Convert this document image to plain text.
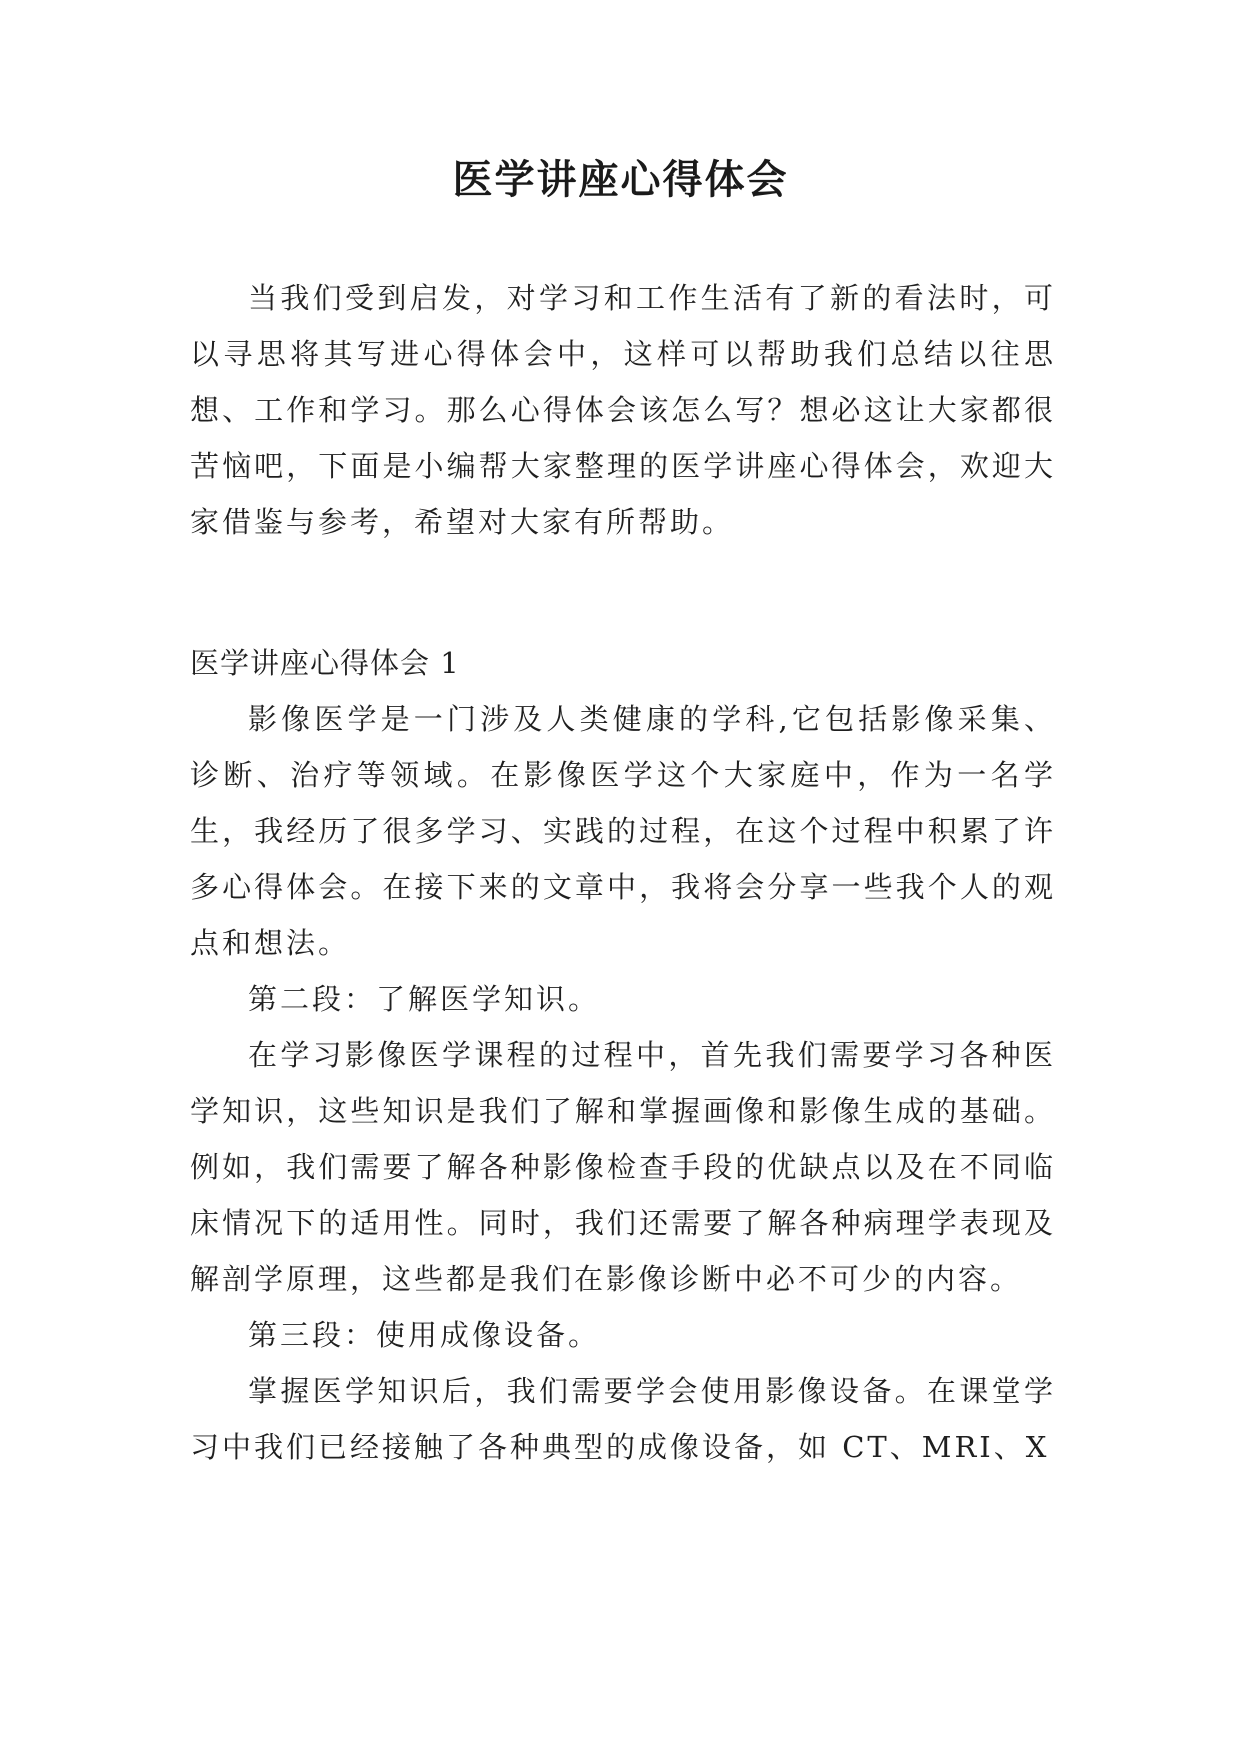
医学讲座心得体会

当我们受到启发，对学习和工作生活有了新的看法时，可以寻思将其写进心得体会中，这样可以帮助我们总结以往思想、工作和学习。那么心得体会该怎么写？想必这让大家都很苦恼吧，下面是小编帮大家整理的医学讲座心得体会，欢迎大家借鉴与参考，希望对大家有所帮助。

医学讲座心得体会 1

影像医学是一门涉及人类健康的学科,它包括影像采集、诊断、治疗等领域。在影像医学这个大家庭中，作为一名学生，我经历了很多学习、实践的过程，在这个过程中积累了许多心得体会。在接下来的文章中，我将会分享一些我个人的观点和想法。

第二段：了解医学知识。

在学习影像医学课程的过程中，首先我们需要学习各种医学知识，这些知识是我们了解和掌握画像和影像生成的基础。例如，我们需要了解各种影像检查手段的优缺点以及在不同临床情况下的适用性。同时，我们还需要了解各种病理学表现及解剖学原理，这些都是我们在影像诊断中必不可少的内容。

第三段：使用成像设备。

掌握医学知识后，我们需要学会使用影像设备。在课堂学习中我们已经接触了各种典型的成像设备，如 CT、MRI、X
